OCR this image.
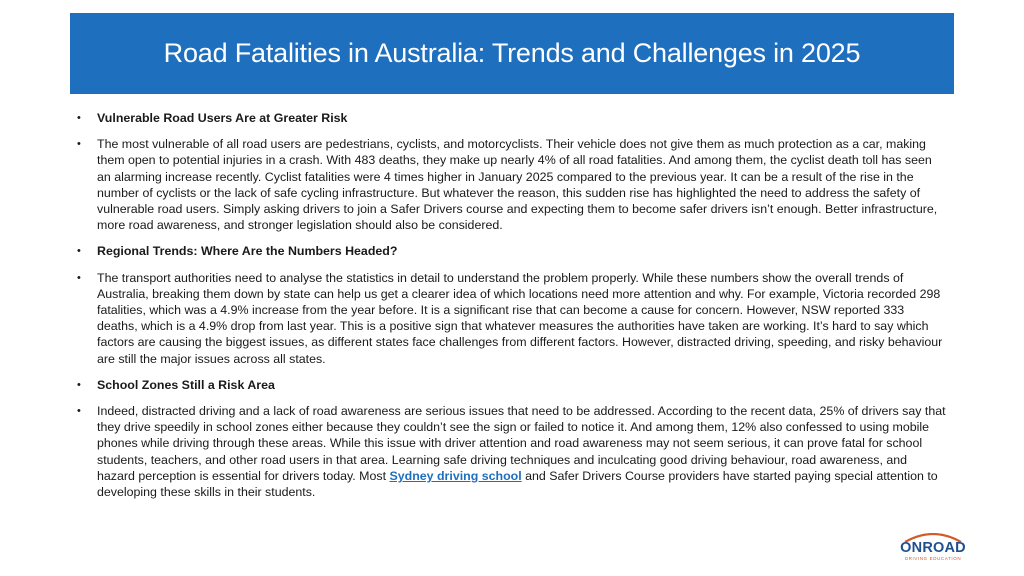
Road Fatalities in Australia: Trends and Challenges in 2025
•	Vulnerable Road Users Are at Greater Risk
•	The most vulnerable of all road users are pedestrians, cyclists, and motorcyclists. Their vehicle does not give them as much protection as a car, making them open to potential injuries in a crash. With 483 deaths, they make up nearly 4% of all road fatalities. And among them, the cyclist death toll has seen an alarming increase recently. Cyclist fatalities were 4 times higher in January 2025 compared to the previous year. It can be a result of the rise in the number of cyclists or the lack of safe cycling infrastructure. But whatever the reason, this sudden rise has highlighted the need to address the safety of vulnerable road users. Simply asking drivers to join a Safer Drivers course and expecting them to become safer drivers isn’t enough. Better infrastructure, more road awareness, and stronger legislation should also be considered.
•	Regional Trends: Where Are the Numbers Headed?
•	The transport authorities need to analyse the statistics in detail to understand the problem properly. While these numbers show the overall trends of Australia, breaking them down by state can help us get a clearer idea of which locations need more attention and why. For example, Victoria recorded 298 fatalities, which was a 4.9% increase from the year before. It is a significant rise that can become a cause for concern. However, NSW reported 333 deaths, which is a 4.9% drop from last year. This is a positive sign that whatever measures the authorities have taken are working. It’s hard to say which factors are causing the biggest issues, as different states face challenges from different factors. However, distracted driving, speeding, and risky behaviour are still the major issues across all states.
•	School Zones Still a Risk Area
•	Indeed, distracted driving and a lack of road awareness are serious issues that need to be addressed. According to the recent data, 25% of drivers say that they drive speedily in school zones either because they couldn’t see the sign or failed to notice it. And among them, 12% also confessed to using mobile phones while driving through these areas. While this issue with driver attention and road awareness may not seem serious, it can prove fatal for school students, teachers, and other road users in that area. Learning safe driving techniques and inculcating good driving behaviour, road awareness, and hazard perception is essential for drivers today. Most Sydney driving school and Safer Drivers Course providers have started paying special attention to developing these skills in their students.
ONROAD
DRIVING EDUCATION
